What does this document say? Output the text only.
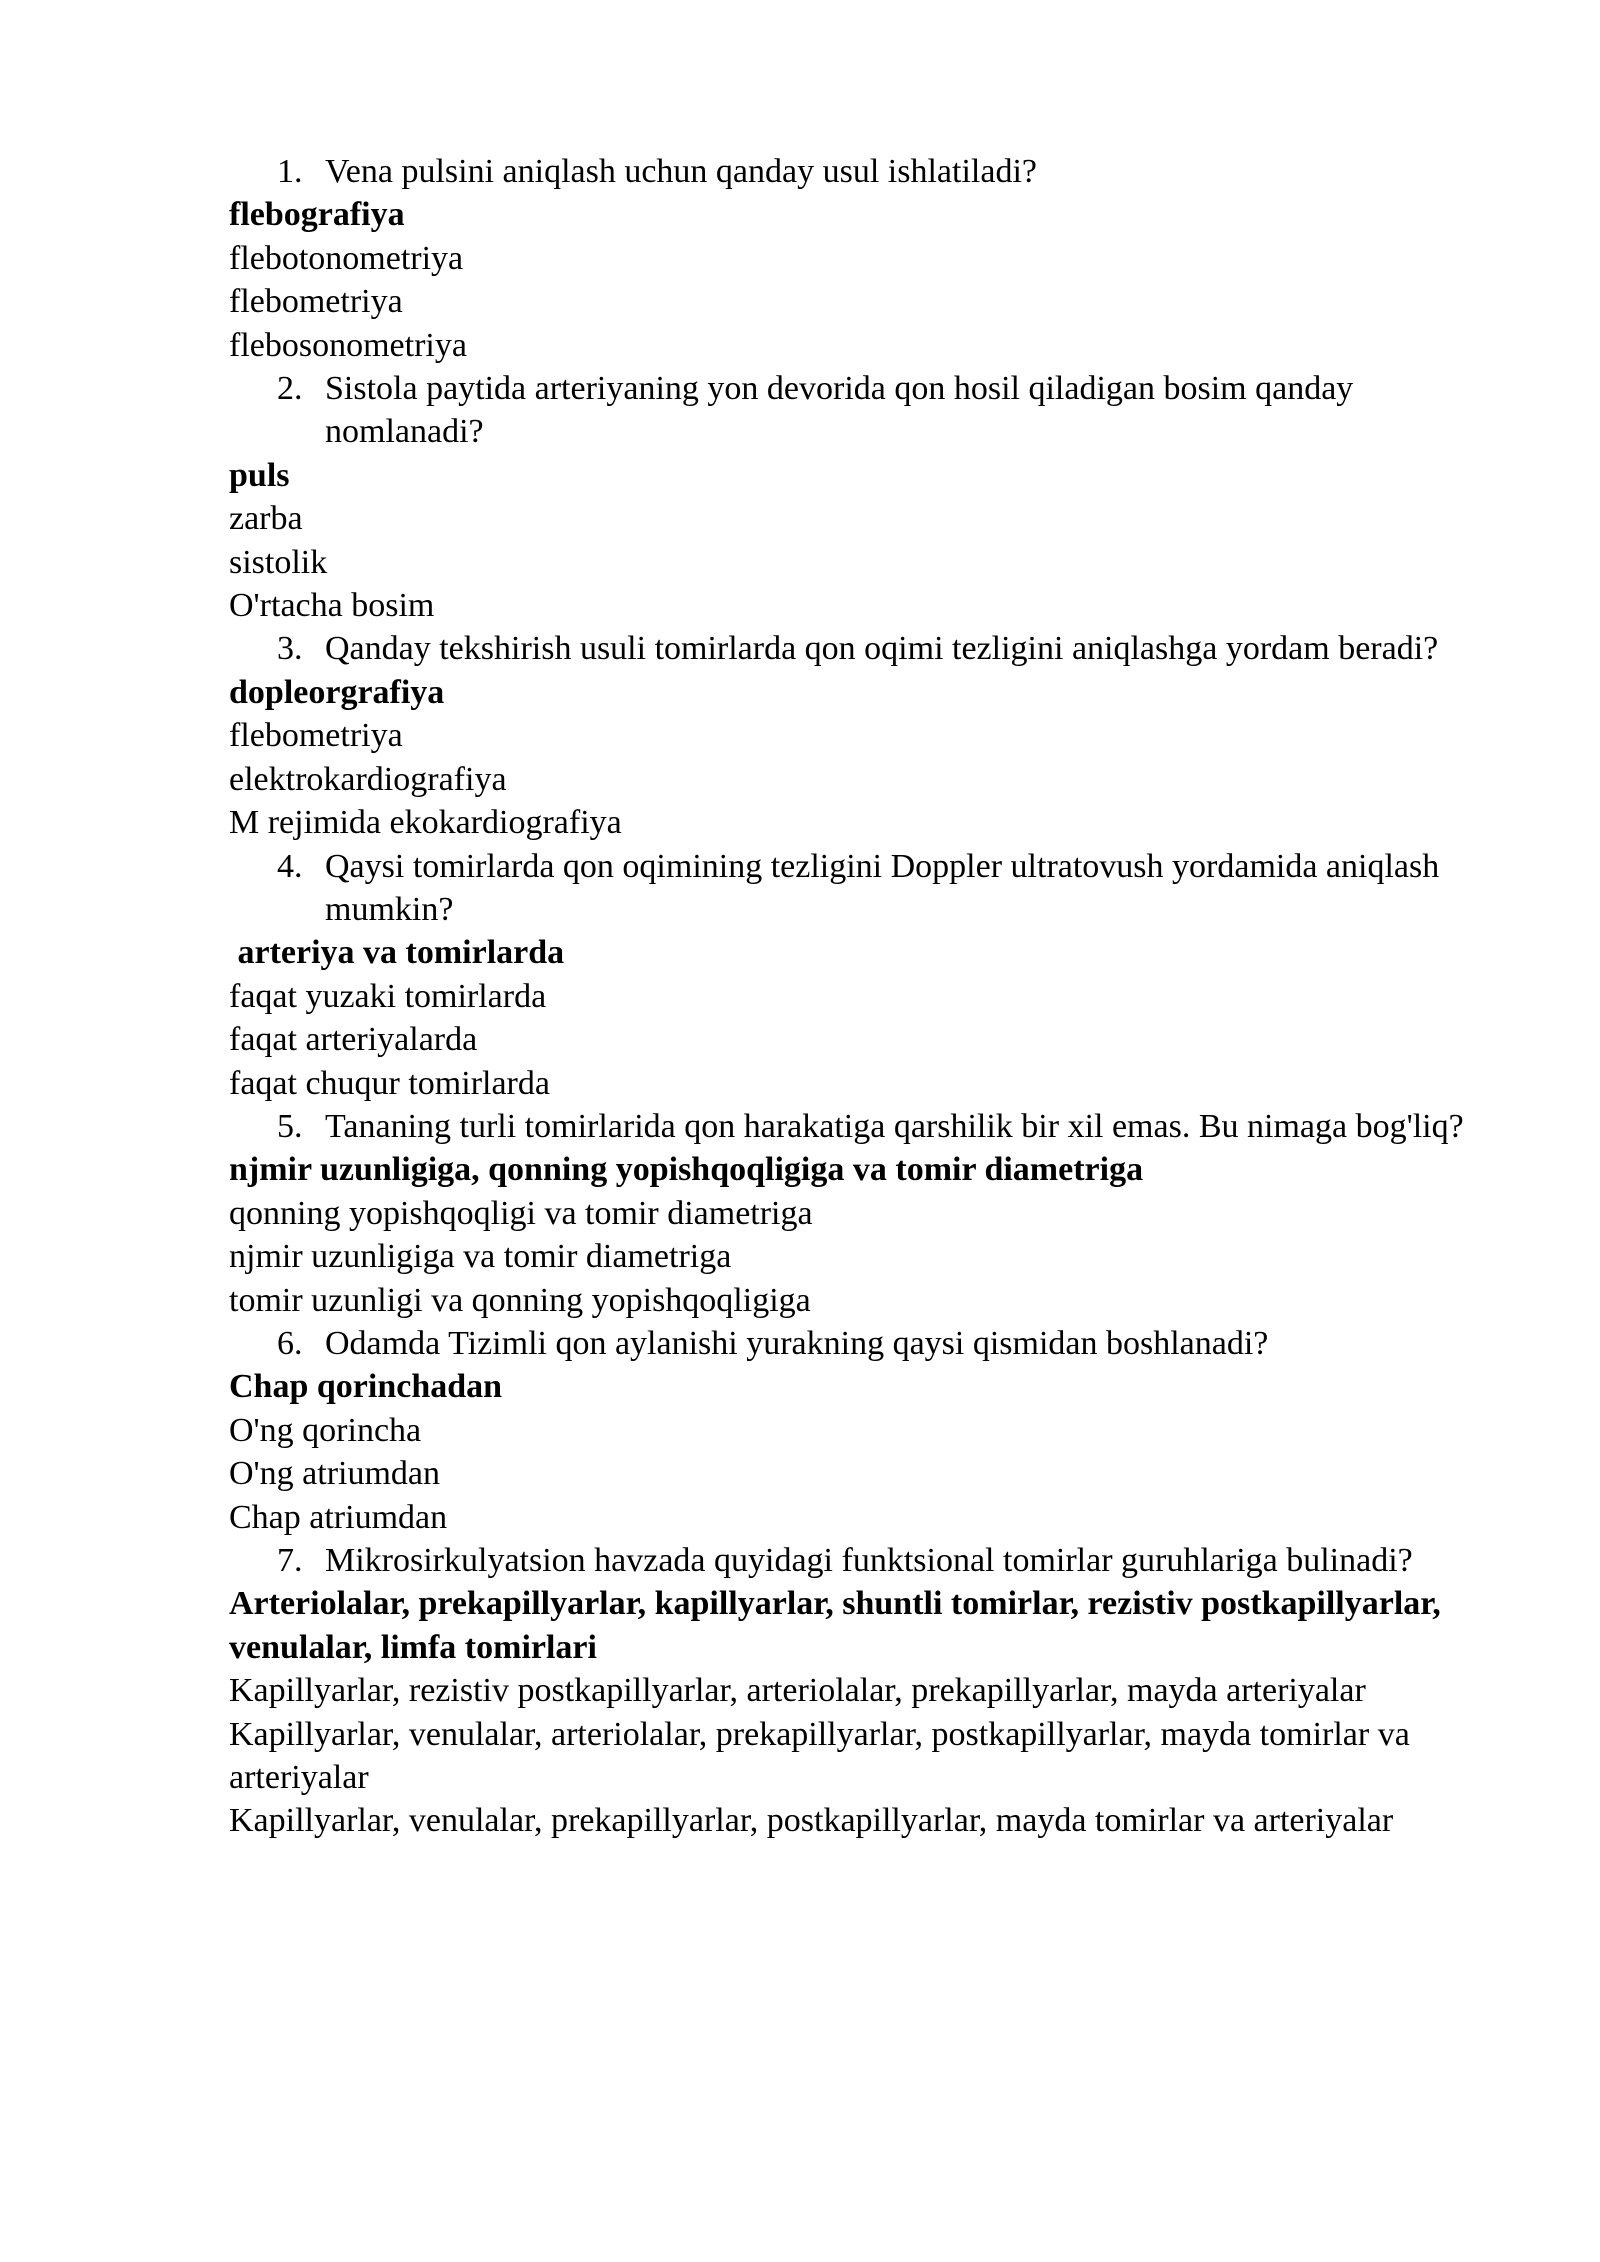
1. Vena pulsini aniqlash uchun qanday usul ishlatiladi?

flebografiya

flebotonometriya

flebometriya

flebosonometriya

2. Sistola paytida arteriyaning yon devorida qon hosil qiladigan bosim qanday nomlanadi?

puls

zarba

sistolik

O'rtacha bosim

3. Qanday tekshirish usuli tomirlarda qon oqimi tezligini aniqlashga yordam beradi?

dopleorgrafiya

flebometriya

elektrokardiografiya

M rejimida ekokardiografiya

4. Qaysi tomirlarda qon oqimining tezligini Doppler ultratovush yordamida aniqlash mumkin?

arteriya va tomirlarda

faqat yuzaki tomirlarda

faqat arteriyalarda

faqat chuqur tomirlarda

5. Tananing turli tomirlarida qon harakatiga qarshilik bir xil emas. Bu nimaga bog'liq?

njmir uzunligiga, qonning yopishqoqligiga va tomir diametriga

qonning yopishqoqligi va tomir diametriga

njmir uzunligiga va tomir diametriga

tomir uzunligi va qonning yopishqoqligiga

6. Odamda Tizimli qon aylanishi yurakning qaysi qismidan boshlanadi?

Chap qorinchadan

O'ng qorincha

O'ng atriumdan

Chap atriumdan

7. Mikrosirkulyatsion havzada quyidagi funktsional tomirlar guruhlariga bulinadi?

Arteriolalar, prekapillyarlar, kapillyarlar, shuntli tomirlar, rezistiv postkapillyarlar, venulalar, limfa tomirlari

Kapillyarlar, rezistiv postkapillyarlar, arteriolalar, prekapillyarlar, mayda arteriyalar

Kapillyarlar, venulalar, arteriolalar, prekapillyarlar, postkapillyarlar, mayda tomirlar va arteriyalar

Kapillyarlar, venulalar, prekapillyarlar, postkapillyarlar, mayda tomirlar va arteriyalar
